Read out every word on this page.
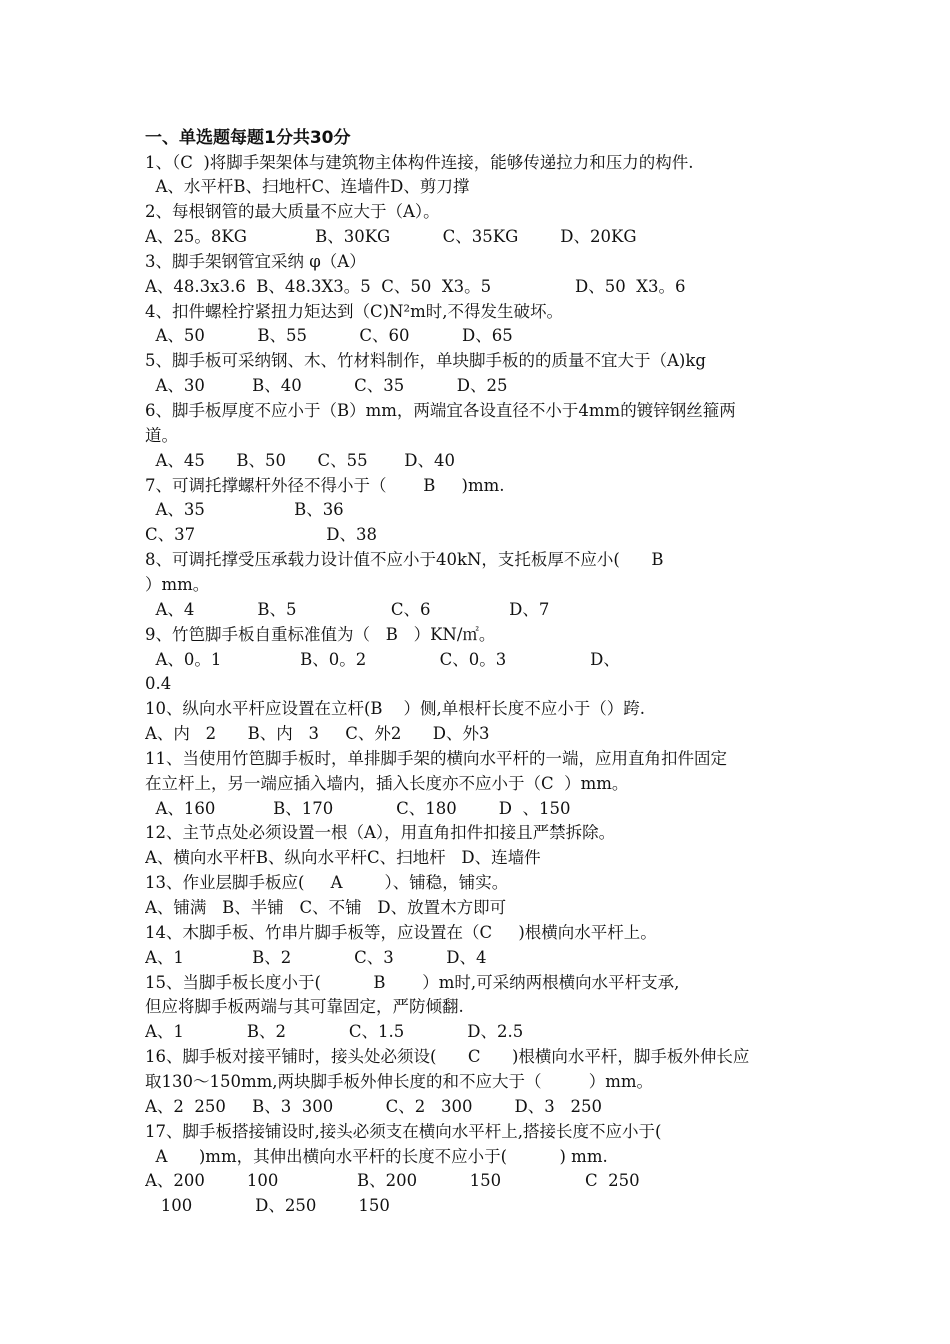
一、单选题每题1分共30分
1、（C  )将脚手架架体与建筑物主体构件连接，能够传递拉力和压力的构件.
A、水平杆B、扫地杆C、连墙件D、剪刀撑
2、每根钢管的最大质量不应大于（A）。
A、25。8KG             B、30KG          C、35KG        D、20KG
3、脚手架钢管宜采纳 φ（A）
A、48.3x3.6  B、48.3X3。5  C、50  X3。5                D、50  X3。6
4、扣件螺栓拧紧扭力矩达到（C)N²m时,不得发生破坏。
A、50          B、55          C、60          D、65
5、脚手板可采纳钢、木、竹材料制作，单块脚手板的的质量不宜大于（A)kg
A、30         B、40          C、35          D、25
6、脚手板厚度不应小于（B）mm，两端宜各设直径不小于4mm的镀锌钢丝箍两
道。
A、45      B、50      C、55       D、40
7、可调托撑螺杆外径不得小于（       B     )mm.
A、35                 B、36
C、37                         D、38
8、可调托撑受压承载力设计值不应小于40kN，支托板厚不应小(      B
）mm。
A、4            B、5                  C、6               D、7
9、竹笆脚手板自重标准值为（   B   ）KN/㎡。
A、0。1               B、0。2              C、0。3                D、
0.4
10、纵向水平杆应设置在立杆(B    ）侧,单根杆长度不应小于（）跨.
A、内   2      B、内   3     C、外2      D、外3
11、当使用竹笆脚手板时，单排脚手架的横向水平杆的一端，应用直角扣件固定
在立杆上，另一端应插入墙内，插入长度亦不应小于（C  ）mm。
A、160           B、170            C、180        D  、150
12、主节点处必须设置一根（A），用直角扣件扣接且严禁拆除。
A、横向水平杆B、纵向水平杆C、扫地杆   D、连墙件
13、作业层脚手板应(     A        ）、铺稳，铺实。
A、铺满   B、半铺   C、不铺   D、放置木方即可
14、木脚手板、竹串片脚手板等，应设置在（C     )根横向水平杆上。
A、1             B、2            C、3          D、4
15、当脚手板长度小于(          B       ）m时,可采纳两根横向水平杆支承,
但应将脚手板两端与其可靠固定，严防倾翻.
A、1            B、2            C、1.5            D、2.5
16、脚手板对接平铺时，接头处必须设(      C      )根横向水平杆，脚手板外伸长应
取130～150mm,两块脚手板外伸长度的和不应大于（         ）mm。
A、2  250     B、3  300          C、2   300        D、3   250
17、脚手板搭接铺设时,接头必须支在横向水平杆上,搭接长度不应小于(
A      )mm，其伸出横向水平杆的长度不应小于(          ) mm.
A、200        100               B、200          150                C  250
100            D、250        150
